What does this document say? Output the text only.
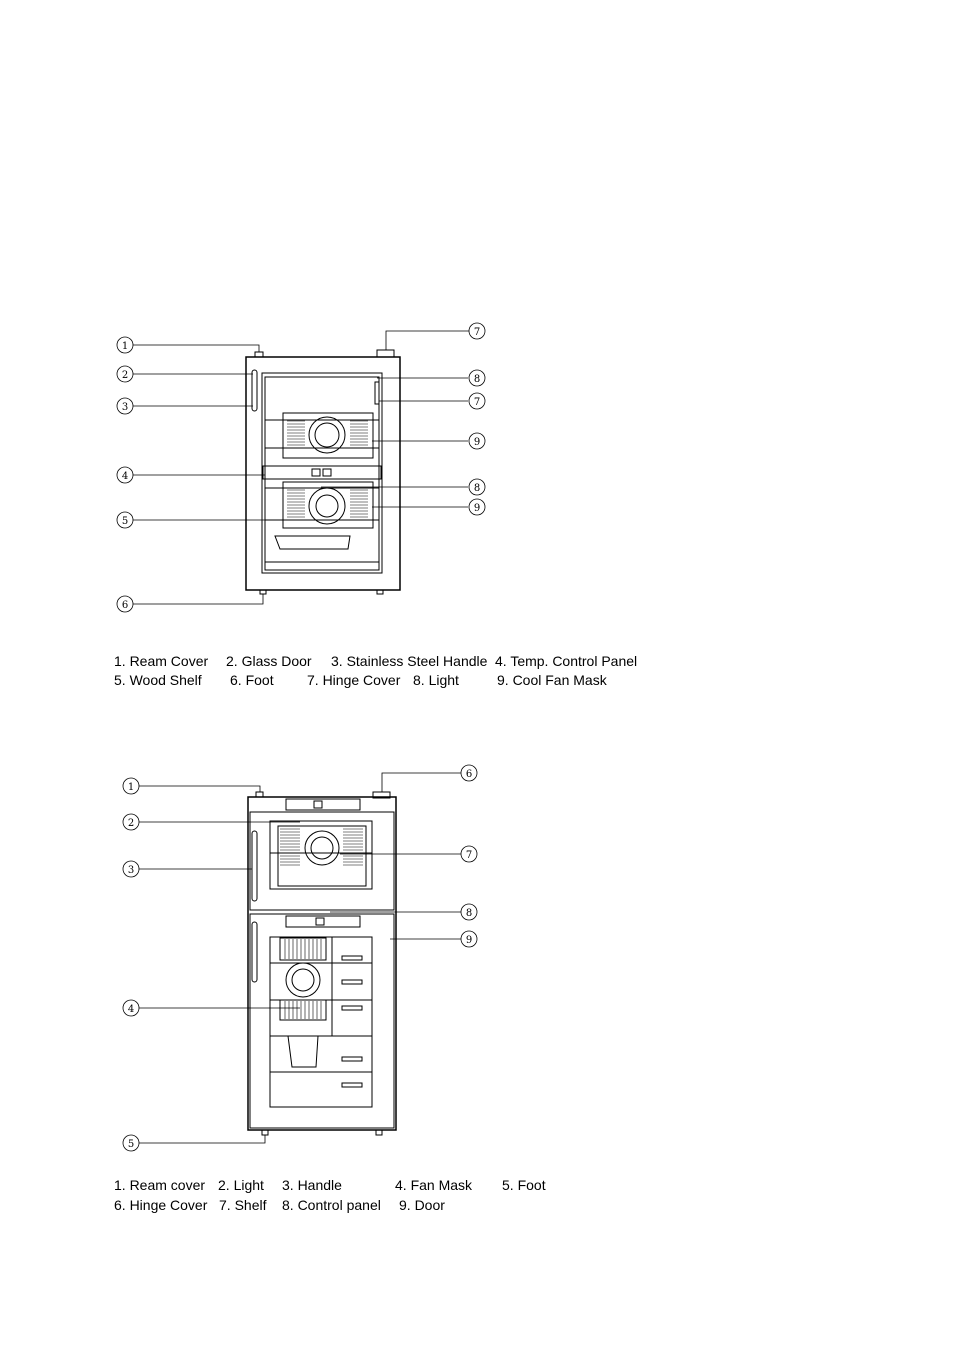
1
2
3
4
5
6
7
8
7
9
8
9
1. Ream Cover 2. Glass Door 3. Stainless Steel Handle 4. Temp. Control Panel
5. Wood Shelf 6. Foot 7. Hinge Cover 8. Light	9. Cool Fan Mask
1
2
3
4
5
6
7
8
9
1. Ream cover 2. Light 3. Handle	4. Fan Mask 5. Foot
6. Hinge Cover 7. Shelf 8. Control panel 9. Door
